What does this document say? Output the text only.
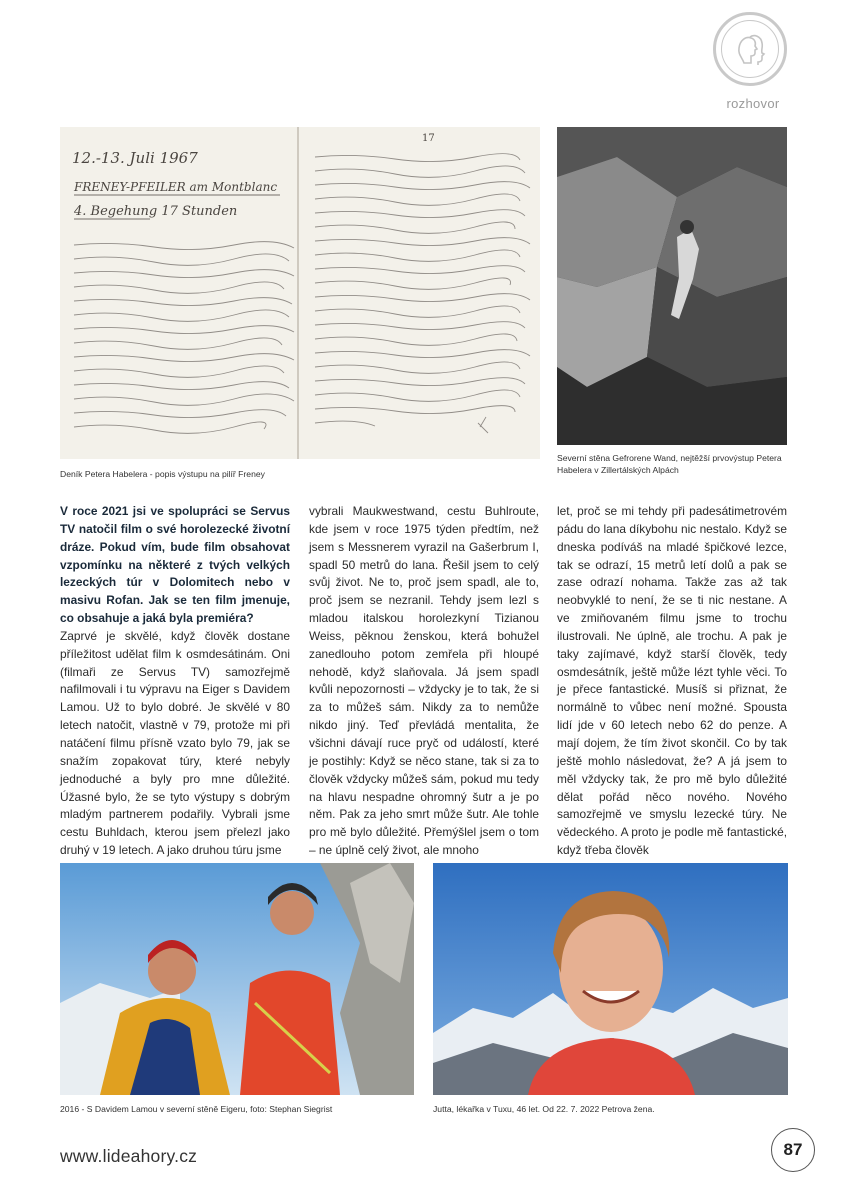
rozhovor
12.-13. Juli 1967
FRENEY-PFEILER am Montblanc
4. Begehung 17 Stunden
17
Deník Petera Habelera - popis výstupu na pilíř Freney
Severní stěna Gefrorene Wand, nejtěžší prvovýstup Petera Habelera v Zillertálských Alpách

V roce 2021 jsi ve spolupráci se Servus TV natočil film o své horolezecké životní dráze. Pokud vím, bude film obsahovat vzpomínku na některé z tvých velkých lezeckých túr v Dolomitech nebo v masivu Rofan. Jak se ten film jmenuje, co obsahuje a jaká byla premiéra?

Zaprvé je skvělé, když člověk dostane příležitost udělat film k osmdesátinám. Oni (filmaři ze Servus TV) samozřejmě nafilmovali i tu výpravu na Eiger s Davidem Lamou. Už to bylo dobré. Je skvělé v 80 letech natočit, vlastně v 79, protože mi při natáčení filmu přísně vzato bylo 79, jak se snažím zopakovat túry, které nebyly jednoduché a byly pro mne důležité. Úžasné bylo, že se tyto výstupy s dobrým mladým partnerem podařily. Vybrali jsme cestu Buhldach, kterou jsem přelezl jako druhý v 19 letech. A jako druhou túru jsme

vybrali Maukwestwand, cestu Buhlroute, kde jsem v roce 1975 týden předtím, než jsem s Messnerem vyrazil na Gašerbrum I, spadl 50 metrů do lana. Řešil jsem to celý svůj život. Ne to, proč jsem spadl, ale to, proč jsem se nezranil. Tehdy jsem lezl s mladou italskou horolezkyní Tizianou Weiss, pěknou ženskou, která bohužel zanedlouho potom zemřela při hloupé nehodě, když slaňovala. Já jsem spadl kvůli nepozornosti – vždycky je to tak, že si za to můžeš sám. Nikdy za to nemůže nikdo jiný. Teď převládá mentalita, že všichni dávají ruce pryč od událostí, které je postihly: Když se něco stane, tak si za to člověk vždycky můžeš sám, pokud mu tedy na hlavu nespadne ohromný šutr a je po něm. Pak za jeho smrt může šutr. Ale tohle pro mě bylo důležité. Přemýšlel jsem o tom – ne úplně celý život, ale mnoho

let, proč se mi tehdy při padesátimetrovém pádu do lana díkybohu nic nestalo. Když se dneska podíváš na mladé špičkové lezce, tak se odrazí, 15 metrů letí dolů a pak se zase odrazí nohama. Takže zas až tak neobvyklé to není, že se ti nic nestane. A ve zmiňovaném filmu jsme to trochu ilustrovali. Ne úplně, ale trochu. A pak je taky zajímavé, když starší člověk, tedy osmdesátník, ještě může lézt tyhle věci. To je přece fantastické. Musíš si přiznat, že normálně to vůbec není možné. Spousta lidí jde v 60 letech nebo 62 do penze. A mají dojem, že tím život skončil. Co by tak ještě mohlo následovat, že? A já jsem to měl vždycky tak, že pro mě bylo důležité dělat pořád něco nového. Nového samozřejmě ve smyslu lezecké túry. Ne vědeckého. A proto je podle mě fantastické, když třeba člověk

2016 - S Davidem Lamou v severní stěně Eigeru, foto: Stephan Siegrist	Jutta, lékařka v Tuxu, 46 let. Od 22. 7. 2022 Petrova žena.
www.lideahory.cz	87
